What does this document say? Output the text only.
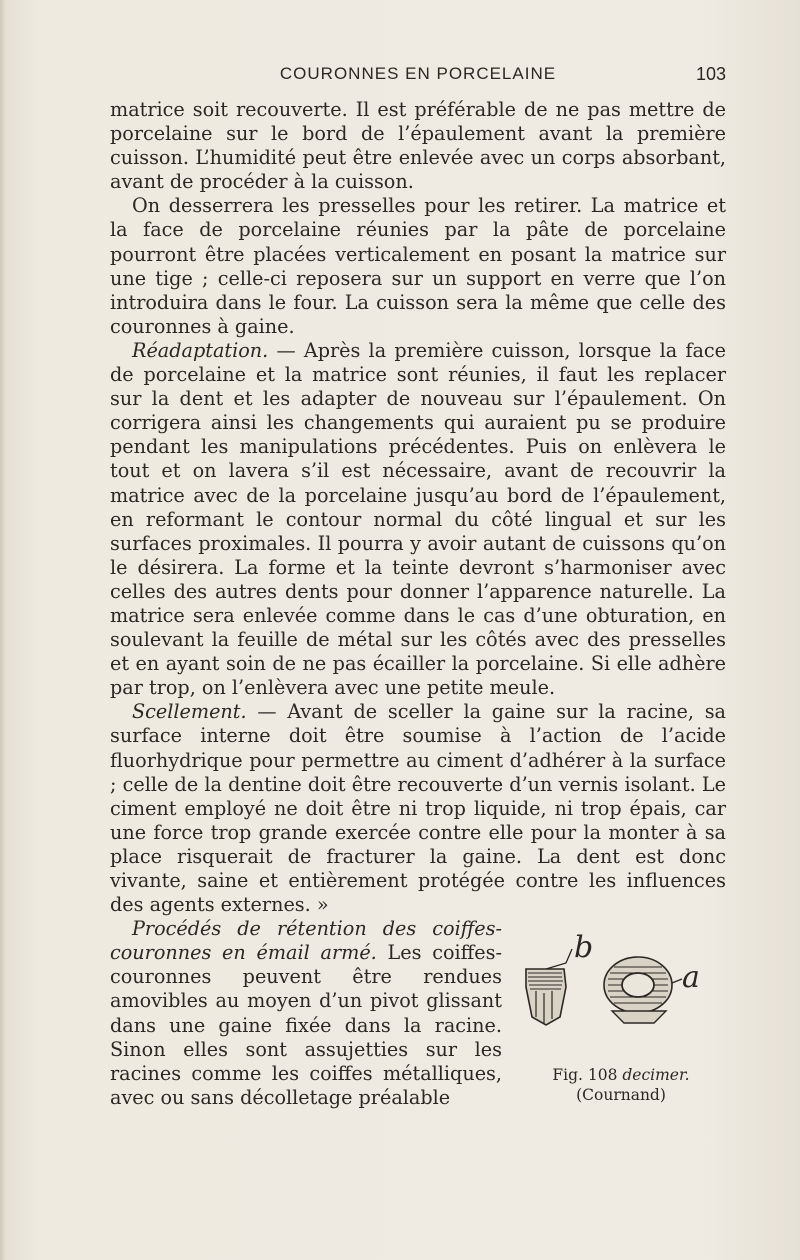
COURONNES EN PORCELAINE	103

matrice soit recouverte. Il est préférable de ne pas mettre de porcelaine sur le bord de l’épaulement avant la première cuisson. L’humidité peut être enlevée avec un corps absorbant, avant de procéder à la cuisson.

On desserrera les presselles pour les retirer. La matrice et la face de porcelaine réunies par la pâte de porcelaine pourront être placées verticalement en posant la matrice sur une tige ; celle-ci reposera sur un support en verre que l’on introduira dans le four. La cuisson sera la même que celle des couronnes à gaine.

Réadaptation. — Après la première cuisson, lorsque la face de porcelaine et la matrice sont réunies, il faut les replacer sur la dent et les adapter de nouveau sur l’épaulement. On corrigera ainsi les changements qui auraient pu se produire pendant les manipulations précédentes. Puis on enlèvera le tout et on lavera s’il est nécessaire, avant de recouvrir la matrice avec de la porcelaine jusqu’au bord de l’épaulement, en reformant le contour normal du côté lingual et sur les surfaces proximales. Il pourra y avoir autant de cuissons qu’on le désirera. La forme et la teinte devront s’harmoniser avec celles des autres dents pour donner l’apparence naturelle. La matrice sera enlevée comme dans le cas d’une obturation, en soulevant la feuille de métal sur les côtés avec des presselles et en ayant soin de ne pas écailler la porcelaine. Si elle adhère par trop, on l’enlèvera avec une petite meule.

Scellement. — Avant de sceller la gaine sur la racine, sa surface interne doit être soumise à l’action de l’acide fluorhydrique pour permettre au ciment d’adhérer à la surface ; celle de la dentine doit être recouverte d’un vernis isolant. Le ciment employé ne doit être ni trop liquide, ni trop épais, car une force trop grande exercée contre elle pour la monter à sa place risquerait de fracturer la gaine. La dent est donc vivante, saine et entièrement protégée contre les influences des agents externes. »

b
a
Fig. 108 decimer.
(Cournand)

Procédés de rétention des coiffes-couronnes en émail armé. Les coiffes-couronnes peuvent être rendues amovibles au moyen d’un pivot glissant dans une gaine fixée dans la racine. Sinon elles sont assujetties sur les racines comme les coiffes métalliques, avec ou sans décolletage préalable
